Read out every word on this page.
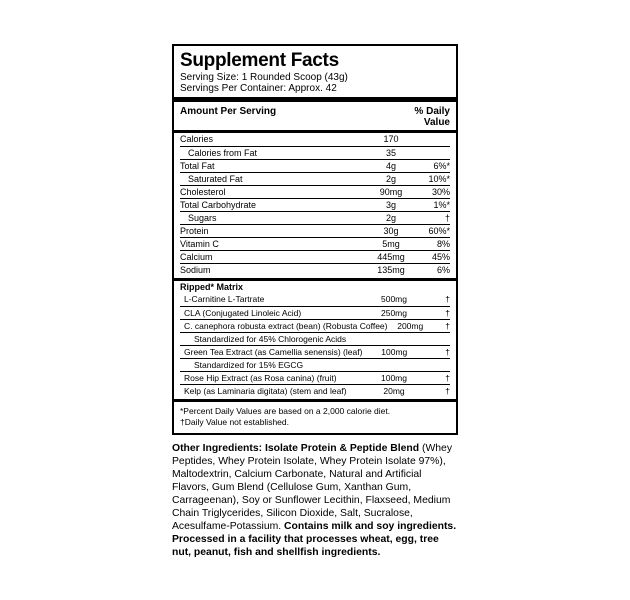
Supplement Facts
Serving Size: 1 Rounded Scoop (43g)
Servings Per Container: Approx. 42
Amount Per Serving	% Daily
Value
Calories	170
Calories from Fat	35
Total Fat	4g	6%*
Saturated Fat	2g	10%*
Cholesterol	90mg	30%
Total Carbohydrate	3g	1%*
Sugars	2g	†
Protein	30g	60%*
Vitamin C	5mg	8%
Calcium	445mg	45%
Sodium	135mg	6%
Ripped* Matrix
L-Carnitine L-Tartrate	500mg	†
CLA (Conjugated Linoleic Acid)	250mg	†
C. canephora robusta extract (bean) (Robusta Coffee)	200mg	†
Standardized for 45% Chlorogenic Acids
Green Tea Extract (as Camellia senensis) (leaf)	100mg	†
Standardized for 15% EGCG
Rose Hip Extract (as Rosa canina) (fruit)	100mg	†
Kelp (as Laminaria digitata) (stem and leaf)	20mg	†
*Percent Daily Values are based on a 2,000 calorie diet.
†Daily Value not established.
Other Ingredients: Isolate Protein & Peptide Blend (Whey Peptides, Whey Protein Isolate, Whey Protein Isolate 97%), Maltodextrin, Calcium Carbonate, Natural and Artificial Flavors, Gum Blend (Cellulose Gum, Xanthan Gum, Carrageenan), Soy or Sunflower Lecithin, Flaxseed, Medium Chain Triglycerides, Silicon Dioxide, Salt, Sucralose, Acesulfame-Potassium. Contains milk and soy ingredients. Processed in a facility that processes wheat, egg, tree nut, peanut, fish and shellfish ingredients.
